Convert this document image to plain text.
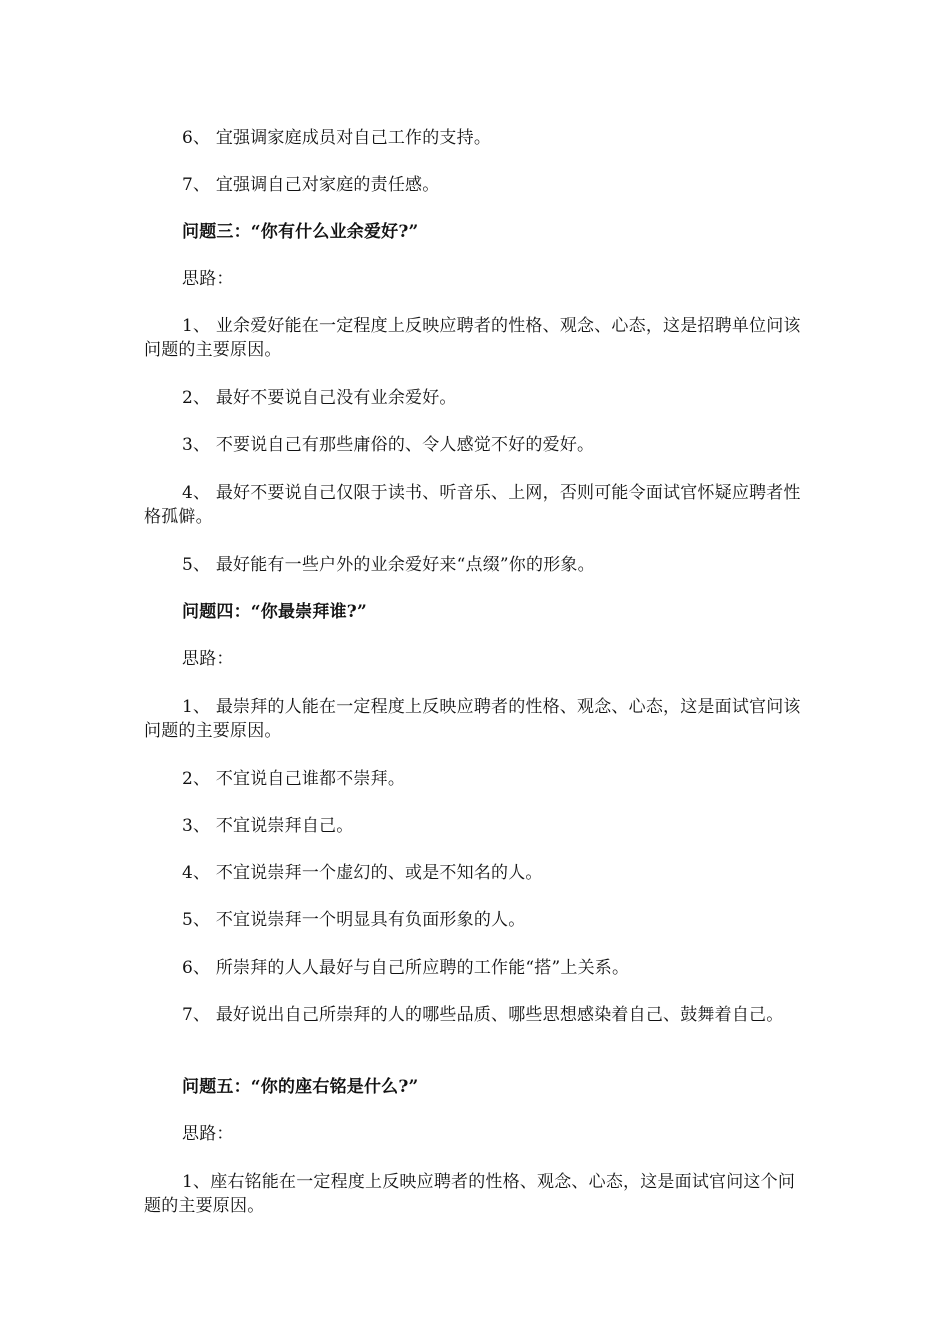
6、 宜强调家庭成员对自己工作的支持。
7、 宜强调自己对家庭的责任感。
问题三：“你有什么业余爱好?”
思路：
1、 业余爱好能在一定程度上反映应聘者的性格、观念、心态，这是招聘单位问该问题的主要原因。
2、 最好不要说自己没有业余爱好。
3、 不要说自己有那些庸俗的、令人感觉不好的爱好。
4、 最好不要说自己仅限于读书、听音乐、上网，否则可能令面试官怀疑应聘者性格孤僻。
5、 最好能有一些户外的业余爱好来“点缀”你的形象。
问题四：“你最崇拜谁?”
思路：
1、 最崇拜的人能在一定程度上反映应聘者的性格、观念、心态，这是面试官问该问题的主要原因。
2、 不宜说自己谁都不崇拜。
3、 不宜说崇拜自己。
4、 不宜说崇拜一个虚幻的、或是不知名的人。
5、 不宜说崇拜一个明显具有负面形象的人。
6、 所崇拜的人人最好与自己所应聘的工作能“搭”上关系。
7、 最好说出自己所崇拜的人的哪些品质、哪些思想感染着自己、鼓舞着自己。
问题五：“你的座右铭是什么?”
思路：
1、座右铭能在一定程度上反映应聘者的性格、观念、心态，这是面试官问这个问题的主要原因。
